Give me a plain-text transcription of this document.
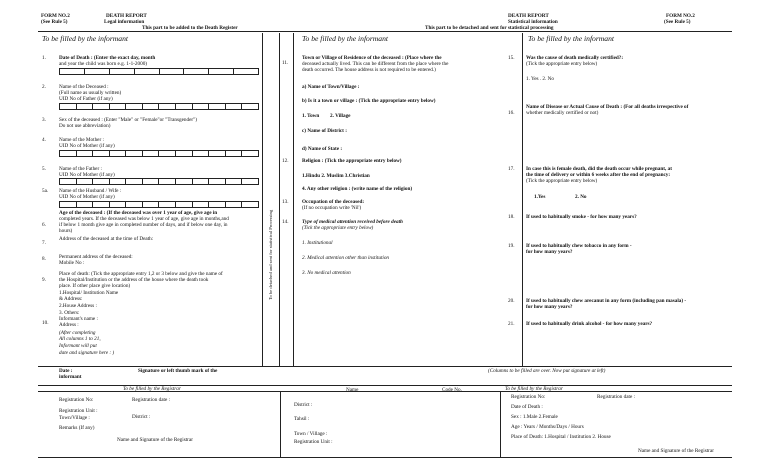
FORM NO.2
(See Rule 5)
DEATH REPORT
Legal information
This part to be added to the Death Register
DEATH REPORT
Statistical information
This part to be detached and sent for statistical processing
FORM NO.2
(See Rule 5)
To be filled by the informant
1.	Date of Death : (Enter the exact day, month
and year the child was born e.g. 1-1-2000)
2.	Name of the Deceased :
(Full name as usually written)
UID No of Father (if any)
3.	Sex of the deceased : (Enter "Male" or "Female"or "Transgender")
Do not use abbreviation)
4.	Name of the Mother :
UID No of Mother (if any)
5.	Name of the Father :
UID No of Mother (if any)
5a. Name of the Husband / Wife :
UID No of Mother (if any)
6.
Age of the deceased : (If the deceased was over 1 year of age, give age in
completed years. If the deceased was below 1 year of age, give age in months,and
if below 1 month give age in completed number of days, and if below one day, in
hours)
7.
Address of the deceased at the time of Death:
8.	Permanent address of the deceased:
Mobile No :
9.
Place of death: (Tick the appropriate entry 1,2 or 3 below and give the name of
the Hospital/Institution or the address of the house where the death took
place. If other place give location)
1.Hospital/ Institution Name
& Address:
2.House Address :
3. Others:
10.
Informant's name :
Address :
(After completing
All columns 1 to 21,
Informant will put
date and signature here : )
Date :	Signature or left thumb mark of the
informant
To be detached and sent for statistical Processing
To be filled by the informant
11.
Town or Village of Residence of the deceased : (Place where the
deceased actually lived. This can be different from the place where the
death occurred. The house address is not required to be entered.)
a) Name of Town/Village :
b) Is it a town or village : (Tick the appropriate entry below)
1. Town 2. Village
c) Name of District :
d) Name of State :
12.	Religion : (Tick the appropriate entry below)
1.Hindu 2. Muslim 3.Christian
4. Any other religion : (write name of the religion)
13.	Occupation of the deceased:
(If no occupation write 'Nil')
14.	Type of medical attention received before death
(Tick the appropriate entry below)
1. Institutional
2. Medical attention other than institution
3. No medical attention
To be filled by the informant
15. Was the cause of death medically certified?:
(Tick the appropriate entry below)
1. Yes . 2. No
16.
Name of Disease or Actual Cause of Death : (For all deaths irrespective of
whether medically certified or not)
17. In case this is female death, did the death occur while pregnant, at
the time of delivery or within 6 weeks after the end of pregnancy:
(Tick the appropriate entry below)
1.Yes	2. No
18. If used to habitually smoke - for how many years?
19. If used to habitually chew tobacco in any form -
for how many years?
20. If used to habitually chew arecanut in any form (including pan masala) -
for how many years?
21. If used to habitually drink alcohol - for how many years?
(Columns to be filled are over. Now put signature at left)
To be filled by the Registrar	To be filled by the Registrar
Registration No:	Registration date :
Registration Unit :
Town/Village :	District :
Remarks (If any)
Name and Signature of the Registrar
Name	Code No.
District :
Tahsil :
Town / Village :
Registration Unit :
Registration No:	Registration date :
Date of Death :
Sex : 1.Male 2.Female
Age : Years / Months/Days / Hours
Place of Death: 1.Hospital / Institution 2. House
Name and Signature of the Registrar
